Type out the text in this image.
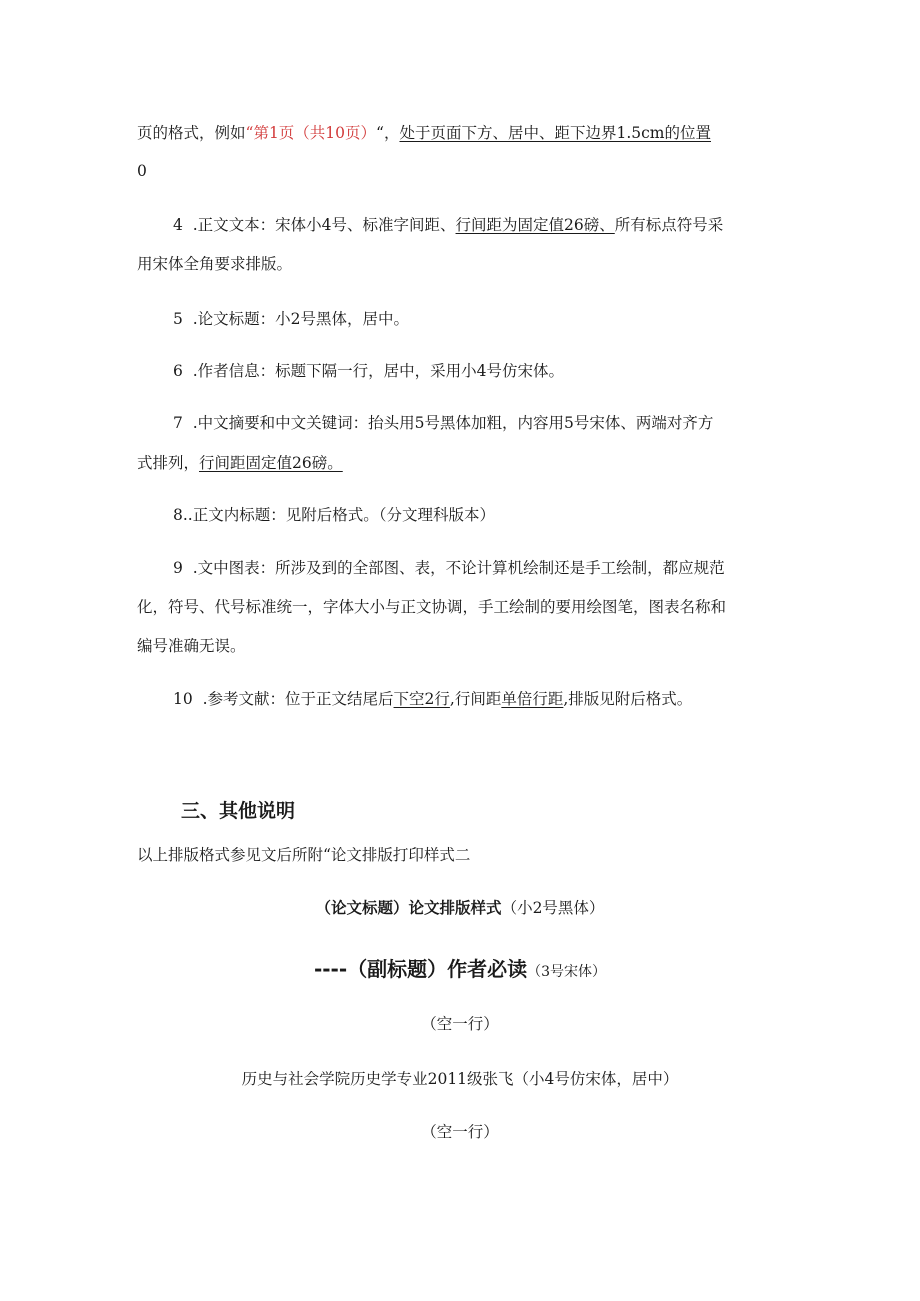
页的格式，例如“第1页（共10页）“，处于页面下方、居中、距下边界1.5cm的位置
0
4 .正文文本：宋体小4号、标准字间距、行间距为固定值26磅、所有标点符号采
用宋体全角要求排版。
5 .论文标题：小2号黑体，居中。
6 .作者信息：标题下隔一行，居中，采用小4号仿宋体。
7 .中文摘要和中文关键词：抬头用5号黑体加粗，内容用5号宋体、两端对齐方
式排列，行间距固定值26磅。
8..正文内标题：见附后格式。（分文理科版本）
9 .文中图表：所涉及到的全部图、表，不论计算机绘制还是手工绘制，都应规范
化，符号、代号标准统一，字体大小与正文协调，手工绘制的要用绘图笔，图表名称和
编号准确无误。
10 .参考文献：位于正文结尾后下空2行,行间距单倍行距,排版见附后格式。
三、其他说明
以上排版格式参见文后所附“论文排版打印样式二
（论文标题）论文排版样式（小2号黑体）
----（副标题）作者必读（3号宋体）
（空一行）
历史与社会学院历史学专业2011级张飞（小4号仿宋体，居中）
（空一行）
